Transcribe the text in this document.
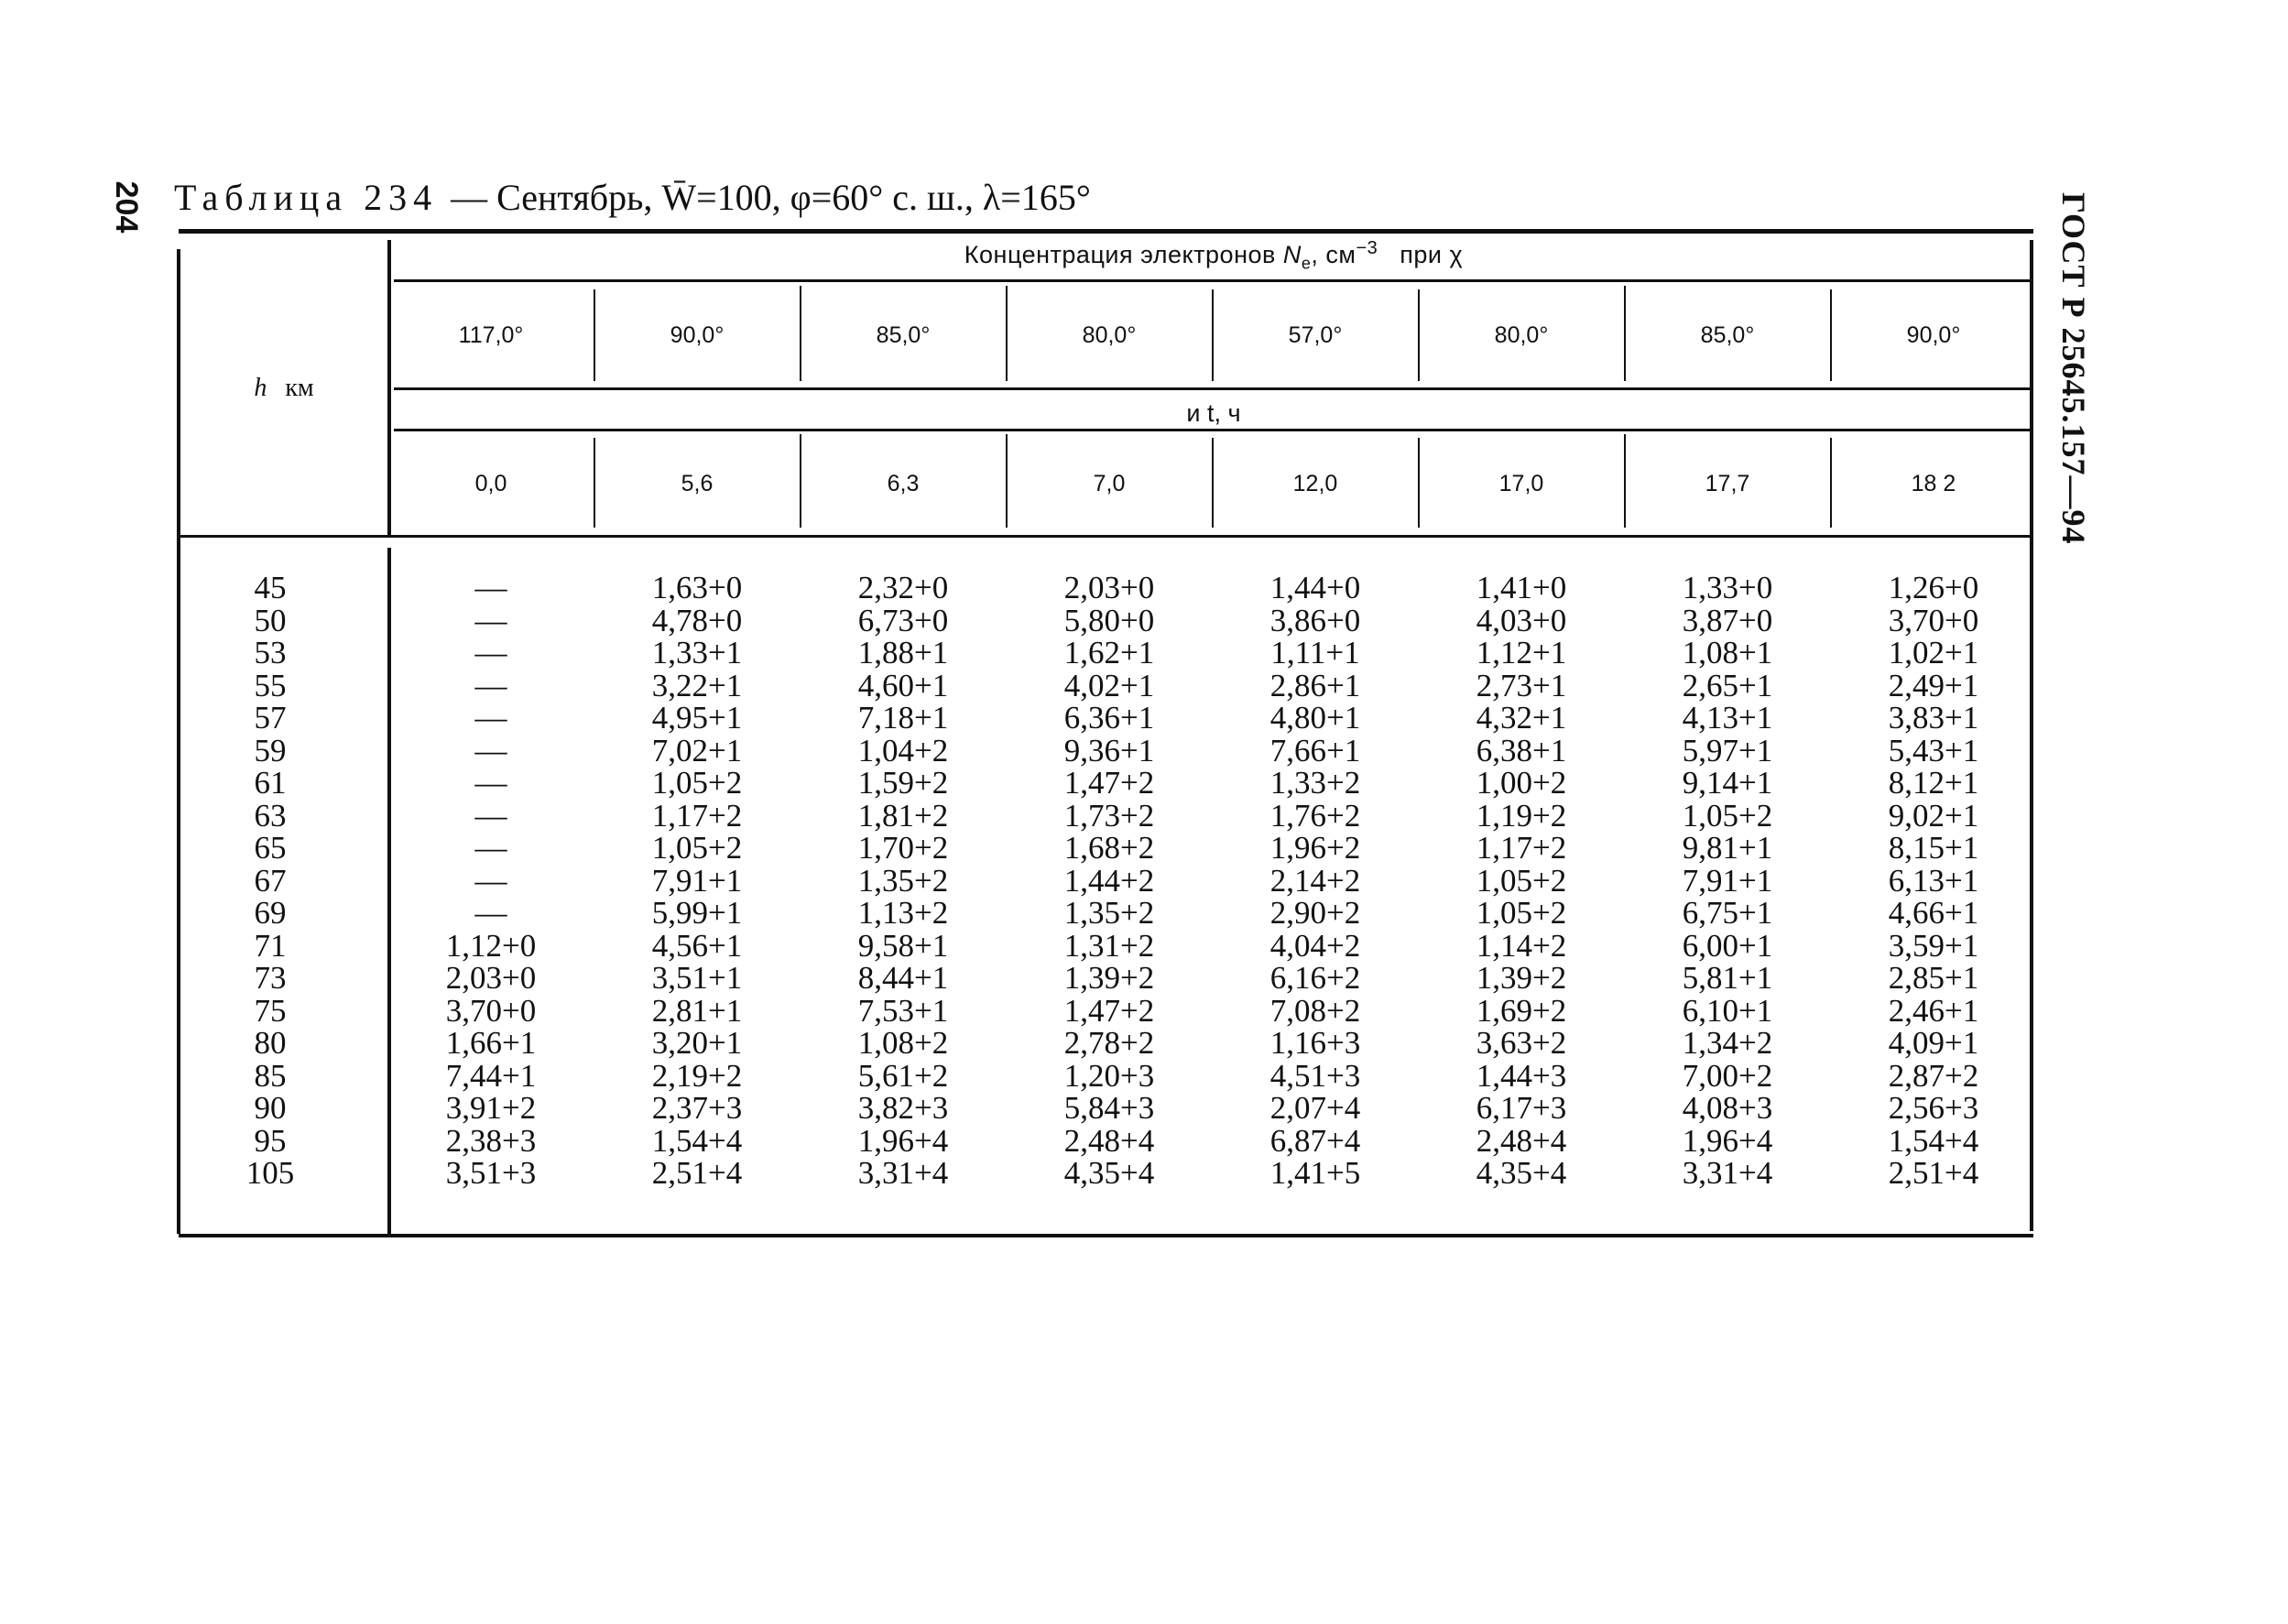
204	ГОСТ Р 25645.157—94
Таблица 234 — Сентябрь, W̄=100, φ=60° с. ш., λ=165°
h км
Концентрация электронов $N_e$, $см^{-3}$ при χ
и t, ч
117,0°	90,0°	85,0°	80,0°	57,0°	80,0°	85,0°	90,0°
0,0	5,6	6,3	7,0	12,0	17,0	17,7	18 2
45	—	1,63+0	2,32+0	2,03+0	1,44+0	1,41+0	1,33+0	1,26+0
50	—	4,78+0	6,73+0	5,80+0	3,86+0	4,03+0	3,87+0	3,70+0
53	—	1,33+1	1,88+1	1,62+1	1,11+1	1,12+1	1,08+1	1,02+1
55	—	3,22+1	4,60+1	4,02+1	2,86+1	2,73+1	2,65+1	2,49+1
57	—	4,95+1	7,18+1	6,36+1	4,80+1	4,32+1	4,13+1	3,83+1
59	—	7,02+1	1,04+2	9,36+1	7,66+1	6,38+1	5,97+1	5,43+1
61	—	1,05+2	1,59+2	1,47+2	1,33+2	1,00+2	9,14+1	8,12+1
63	—	1,17+2	1,81+2	1,73+2	1,76+2	1,19+2	1,05+2	9,02+1
65	—	1,05+2	1,70+2	1,68+2	1,96+2	1,17+2	9,81+1	8,15+1
67	—	7,91+1	1,35+2	1,44+2	2,14+2	1,05+2	7,91+1	6,13+1
69	—	5,99+1	1,13+2	1,35+2	2,90+2	1,05+2	6,75+1	4,66+1
71	1,12+0	4,56+1	9,58+1	1,31+2	4,04+2	1,14+2	6,00+1	3,59+1
73	2,03+0	3,51+1	8,44+1	1,39+2	6,16+2	1,39+2	5,81+1	2,85+1
75	3,70+0	2,81+1	7,53+1	1,47+2	7,08+2	1,69+2	6,10+1	2,46+1
80	1,66+1	3,20+1	1,08+2	2,78+2	1,16+3	3,63+2	1,34+2	4,09+1
85	7,44+1	2,19+2	5,61+2	1,20+3	4,51+3	1,44+3	7,00+2	2,87+2
90	3,91+2	2,37+3	3,82+3	5,84+3	2,07+4	6,17+3	4,08+3	2,56+3
95	2,38+3	1,54+4	1,96+4	2,48+4	6,87+4	2,48+4	1,96+4	1,54+4
105	3,51+3	2,51+4	3,31+4	4,35+4	1,41+5	4,35+4	3,31+4	2,51+4
